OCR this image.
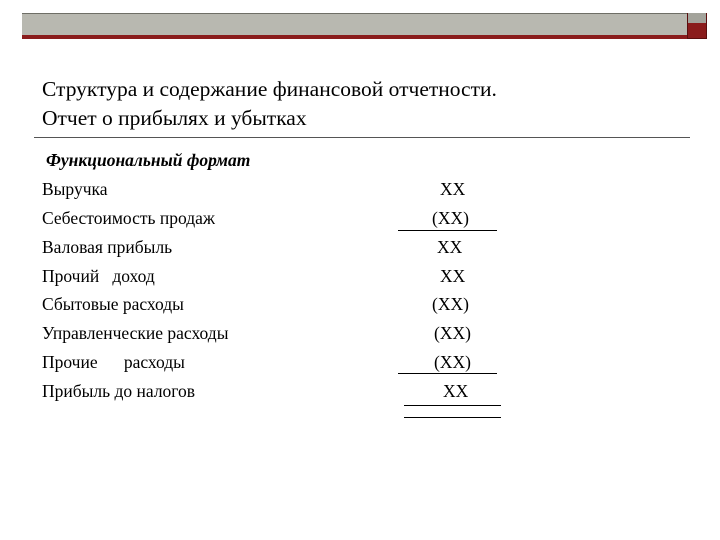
Структура и содержание финансовой отчетности.
Отчет о прибылях и убытках
Функциональный формат
Выручка
Себестоимость продаж
Валовая прибыль
Прочий   доход
Сбытовые расходы
Управленческие расходы
Прочие      расходы
Прибыль до налогов
XX
(XX)
XX
XX
(XX)
(XX)
(XX)
XX
